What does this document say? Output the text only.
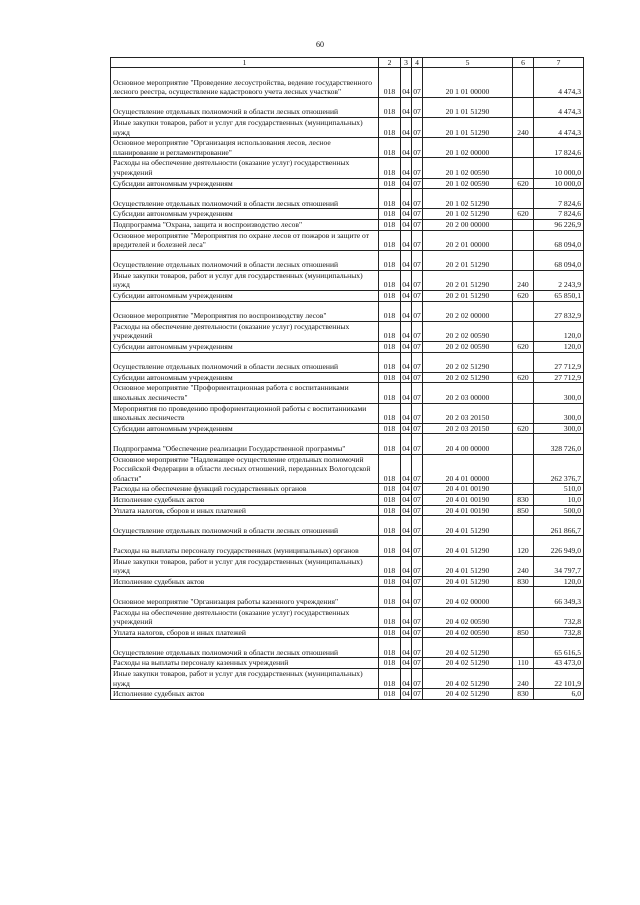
60
1	2	3	4	5	6	7
Основное мероприятие "Проведение лесоустройства, ведение государственного лесного реестра, осуществление кадастрового учета лесных участков"	018	04	07	20 1 01 00000		4 474,3
Осуществление отдельных полномочий в области лесных отношений	018	04	07	20 1 01 51290		4 474,3
Иные закупки товаров, работ и услуг для государственных (муниципальных) нужд	018	04	07	20 1 01 51290	240	4 474,3
Основное мероприятие "Организация использования лесов, лесное планирование и регламентирование"	018	04	07	20 1 02 00000		17 824,6
Расходы на обеспечение деятельности (оказание услуг) государственных учреждений	018	04	07	20 1 02 00590		10 000,0
Субсидии автономным учреждениям	018	04	07	20 1 02 00590	620	10 000,0
Осуществление отдельных полномочий в области лесных отношений	018	04	07	20 1 02 51290		7 824,6
Субсидии автономным учреждениям	018	04	07	20 1 02 51290	620	7 824,6
Подпрограмма "Охрана, защита и воспроизводство лесов"	018	04	07	20 2 00 00000		96 226,9
Основное мероприятие "Мероприятия по охране лесов от пожаров и защите от вредителей и болезней леса"	018	04	07	20 2 01 00000		68 094,0
Осуществление отдельных полномочий в области лесных отношений	018	04	07	20 2 01 51290		68 094,0
Иные закупки товаров, работ и услуг для государственных (муниципальных) нужд	018	04	07	20 2 01 51290	240	2 243,9
Субсидии автономным учреждениям	018	04	07	20 2 01 51290	620	65 850,1
Основное мероприятие "Мероприятия по воспроизводству лесов"	018	04	07	20 2 02 00000		27 832,9
Расходы на обеспечение деятельности (оказание услуг) государственных учреждений	018	04	07	20 2 02 00590		120,0
Субсидии автономным учреждениям	018	04	07	20 2 02 00590	620	120,0
Осуществление отдельных полномочий в области лесных отношений	018	04	07	20 2 02 51290		27 712,9
Субсидии автономным учреждениям	018	04	07	20 2 02 51290	620	27 712,9
Основное мероприятие "Профориентационная работа с воспитанниками школьных лесничеств"	018	04	07	20 2 03 00000		300,0
Мероприятия по проведению профориентационной работы с воспитанниками школьных лесничеств	018	04	07	20 2 03 20150		300,0
Субсидии автономным учреждениям	018	04	07	20 2 03 20150	620	300,0
Подпрограмма "Обеспечение реализации Государственной программы"	018	04	07	20 4 00 00000		328 726,0
Основное мероприятие "Надлежащее осуществление отдельных полномочий Российской Федерации в области лесных отношений, переданных Вологодской области"	018	04	07	20 4 01 00000		262 376,7
Расходы на обеспечение функций государственных органов	018	04	07	20 4 01 00190		510,0
Исполнение судебных актов	018	04	07	20 4 01 00190	830	10,0
Уплата налогов, сборов и иных платежей	018	04	07	20 4 01 00190	850	500,0
Осуществление отдельных полномочий в области лесных отношений	018	04	07	20 4 01 51290		261 866,7
Расходы на выплаты персоналу государственных (муниципальных) органов	018	04	07	20 4 01 51290	120	226 949,0
Иные закупки товаров, работ и услуг для государственных (муниципальных) нужд	018	04	07	20 4 01 51290	240	34 797,7
Исполнение судебных актов	018	04	07	20 4 01 51290	830	120,0
Основное мероприятие "Организация работы казенного учреждения"	018	04	07	20 4 02 00000		66 349,3
Расходы на обеспечение деятельности (оказание услуг) государственных учреждений	018	04	07	20 4 02 00590		732,8
Уплата налогов, сборов и иных платежей	018	04	07	20 4 02 00590	850	732,8
Осуществление отдельных полномочий в области лесных отношений	018	04	07	20 4 02 51290		65 616,5
Расходы на выплаты персоналу казенных учреждений	018	04	07	20 4 02 51290	110	43 473,0
Иные закупки товаров, работ и услуг для государственных (муниципальных) нужд	018	04	07	20 4 02 51290	240	22 101,9
Исполнение судебных актов	018	04	07	20 4 02 51290	830	6,0
